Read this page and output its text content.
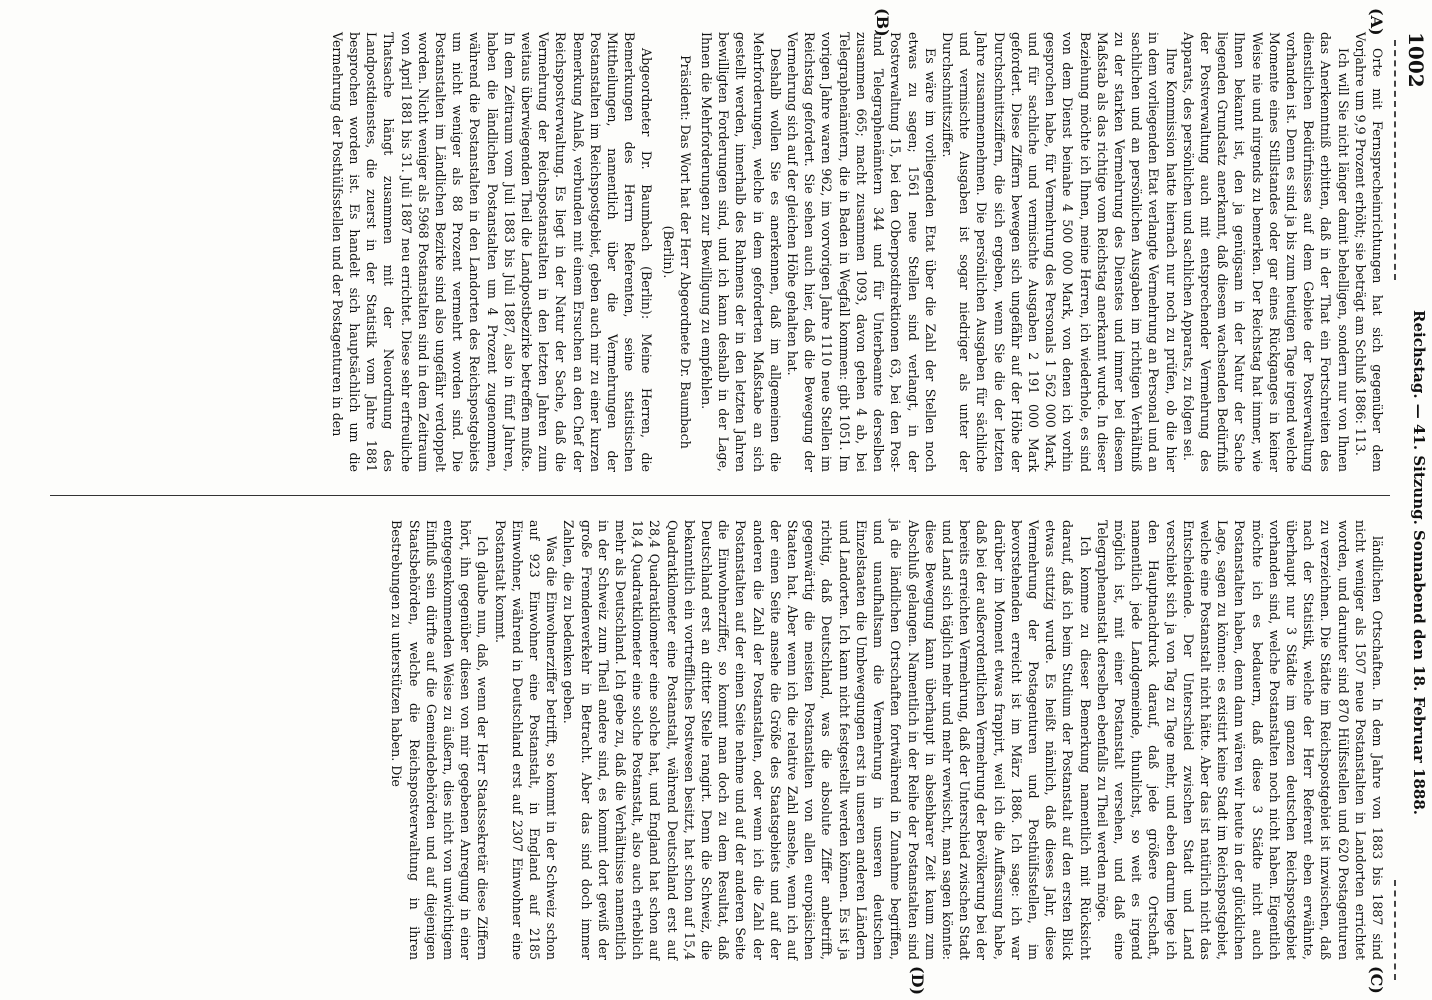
1002
Reichstag. — 41. Sitzung. Sonnabend den 18. Februar 1888.
(A)
(B)
(C)
(D)

Orte mit Fernsprecheinrichtungen hat sich gegenüber dem Vorjahre um 9,9 Prozent erhöht; sie beträgt am Schluß 1886: 113.

Ich will Sie nicht länger damit behelligen, sondern nur von Ihnen das Anerkenntniß erbitten, daß in der That ein Fortschreiten des dienstlichen Bedürfnisses auf dem Gebiete der Postverwaltung vorhanden ist. Denn es sind ja bis zum heutigen Tage irgend welche Momente eines Stillstandes oder gar eines Rückganges in keiner Weise nie und nirgends zu bemerken. Der Reichstag hat immer, wie Ihnen bekannt ist, den ja genügsam in der Natur der Sache liegenden Grundsatz anerkannt, daß diesem wachsenden Bedürfniß der Postverwaltung auch mit entsprechender Vermehrung des Apparats, des persönlichen und sachlichen Apparats, zu folgen sei.

Ihre Kommission hatte hiernach nur noch zu prüfen, ob die hier in dem vorliegenden Etat verlangte Vermehrung an Personal und an sachlichen und an persönlichen Ausgaben im richtigen Verhältniß zu der starken Vermehrung des Dienstes und immer bei diesem Maßstab als das richtige vom Reichstag anerkannt wurde. In dieser Beziehung möchte ich Ihnen, meine Herren, ich wiederhole, es sind von dem Dienst beinahe 4 500 000 Mark, von denen ich vorhin gesprochen habe, für Vermehrung des Personals 1 562 000 Mark, und für sachliche und vermischte Ausgaben 2 191 000 Mark gefordert. Diese Ziffern bewegen sich ungefähr auf der Höhe der Durchschnittsziffern, die sich ergeben, wenn Sie die der letzten Jahre zusammennehmen. Die persönlichen Ausgaben für sächliche und vermischte Ausgaben ist sogar niedriger als unter der Durchschnittsziffer.

Es wäre im vorliegenden Etat über die Zahl der Stellen noch etwas zu sagen; 1561 neue Stellen sind verlangt, in der Postverwaltung 15, bei den Oberpostdirektionen 63, bei den Post- und Telegraphenämtern 344 und für Unterbeamte derselben zusammen 665; macht zusammen 1093, davon gehen 4 ab, bei Telegraphenämtern, die in Baden in Wegfall kommen: gibt 1051. Im vorigen Jahre waren 962, im vorvorigen Jahre 1110 neue Stellen im Reichstag gefordert. Sie sehen auch hier, daß die Bewegung der Vermehrung sich auf der gleichen Höhe gehalten hat.

Deshalb wollen Sie es anerkennen, daß im allgemeinen die Mehrforderungen, welche in dem geforderten Maßstabe an sich gestellt werden, innerhalb des Rahmens der in den letzten Jahren bewilligten Forderungen sind, und ich kann deshalb in der Lage, Ihnen die Mehrforderungen zur Bewilligung zu empfehlen.

Präsident: Das Wort hat der Herr Abgeordnete Dr. Baumbach (Berlin).

Abgeordneter Dr. Baumbach (Berlin): Meine Herren, die Bemerkungen des Herrn Referenten, seine statistischen Mittheilungen, namentlich über die Vermehrungen der Postanstalten im Reichspostgebiet, geben auch mir zu einer kurzen Bemerkung Anlaß, verbunden mit einem Ersuchen an den Chef der Reichspostverwaltung. Es liegt in der Natur der Sache, daß die Vermehrung der Reichspostanstalten in den letzten Jahren zum weitaus überwiegenden Theil die Landpostbezirke betreffen mußte. In dem Zeitraum vom Juli 1883 bis Juli 1887, also in fünf Jahren, haben die ländlichen Postanstalten um 4 Prozent zugenommen, während die Postanstalten in den Landorten des Reichspostgebiets um nicht weniger als 88 Prozent vermehrt worden sind. Die Postanstalten im Ländlichen Bezirke sind also ungefähr verdoppelt worden. Nicht weniger als 5968 Postanstalten sind in dem Zeitraum von April 1881 bis 31. Juli 1887 neu errichtet. Diese sehr erfreuliche Thatsache hängt zusammen mit der Neuordnung des Landpostdienstes, die zuerst in der Statistik vom Jahre 1881 besprochen worden ist. Es handelt sich hauptsächlich um die Vermehrung der Posthülfsstellen und der Postagenturen in den

ländlichen Ortschaften. In dem Jahre von 1883 bis 1887 sind nicht weniger als 1507 neue Postanstalten in Landorten errichtet worden, und darunter sind 870 Hülfsstellen und 620 Postagenturen zu verzeichnen. Die Städte im Reichspostgebiet ist inzwischen, daß nach der Statistik, welche der Herr Referent eben erwähnte, überhaupt nur 3 Städte im ganzen deutschen Reichspostgebiet vorhanden sind, welche Postanstalten noch nicht haben. Eigentlich möchte ich es bedauern, daß diese 3 Städte nicht auch Postanstalten haben, denn dann wären wir heute in der glücklichen Lage, sagen zu können: es existirt keine Stadt im Reichspostgebiet, welche eine Postanstalt nicht hätte. Aber das ist natürlich nicht das Entscheidende. Der Unterschied zwischen Stadt und Land verschiebt sich ja von Tag zu Tage mehr, und eben darum lege ich den Hauptnachdruck darauf, daß jede größere Ortschaft, namentlich jede Landgemeinde, thunlichst, so weit es irgend möglich ist, mit einer Postanstalt versehen, und daß eine Telegraphenanstalt derselben ebenfalls zu Theil werden möge.

Ich komme zu dieser Bemerkung namentlich mit Rücksicht darauf, daß ich beim Studium der Postanstalt auf den ersten Blick etwas stutzig wurde. Es heißt nämlich, daß dieses Jahr, diese Vermehrung der Postagenturen und Posthülfsstellen, im bevorstehenden erreicht ist im März 1886. Ich sage: ich war darüber im Moment etwas frappirt, weil ich die Auffassung habe, daß bei der außerordentlichen Vermehrung der Bevölkerung bei der bereits erreichten Vermehrung, daß der Unterschied zwischen Stadt und Land sich täglich mehr und mehr verwischt, man sagen könnte: diese Bewegung kann überhaupt in absehbarer Zeit kaum zum Abschluß gelangen. Namentlich in der Reihe der Postanstalten sind ja die ländlichen Ortschaften fortwährend in Zunahme begriffen, und unaufhaltsam die Vermehrung in unseren deutschen Einzelstaaten die Umbewegungen erst in unseren anderen Ländern und Landorten. Ich kann nicht festgestellt werden können. Es ist ja richtig, daß Deutschland, was die absolute Ziffer anbetrifft, gegenwärtig die meisten Postanstalten von allen europäischen Staaten hat. Aber wenn ich die relative Zahl ansehe, wenn ich auf der einen Seite ansehe die Größe des Staatsgebiets und auf der anderen die Zahl der Postanstalten, oder wenn ich die Zahl der Postanstalten auf der einen Seite nehme und auf der anderen Seite die Einwohnerziffer, so kommt man doch zu dem Resultat, daß Deutschland erst an dritter Stelle rangirt. Denn die Schweiz, die bekanntlich ein vortreffliches Postwesen besitzt, hat schon auf 15,4 Quadratkilometer eine Postanstalt, während Deutschland erst auf 28,4 Quadratkilometer eine solche hat, und England hat schon auf 18,4 Quadratkilometer eine solche Postanstalt, also auch erheblich mehr als Deutschland. Ich gebe zu, daß die Verhältnisse namentlich in der Schweiz zum Theil andere sind, es kommt dort gewiß der große Fremdenverkehr in Betracht. Aber das sind doch immer Zahlen, die zu bedenken geben.

Was die Einwohnerziffer betrifft, so kommt in der Schweiz schon auf 923 Einwohner eine Postanstalt, in England auf 2185 Einwohner, während in Deutschland erst auf 2307 Einwohner eine Postanstalt kommt.

Ich glaube nun, daß, wenn der Herr Staatssekretär diese Ziffern hört, ihn gegenüber diesen von mir gegebenen Anregung in einer entgegenkommenden Weise zu äußern, dies nicht von unwichtigem Einfluß sein dürfte auf die Gemeindebehörden und auf diejenigen Staatsbehörden, welche die Reichspostverwaltung in ihren Bestrebungen zu unterstützen haben. Die
